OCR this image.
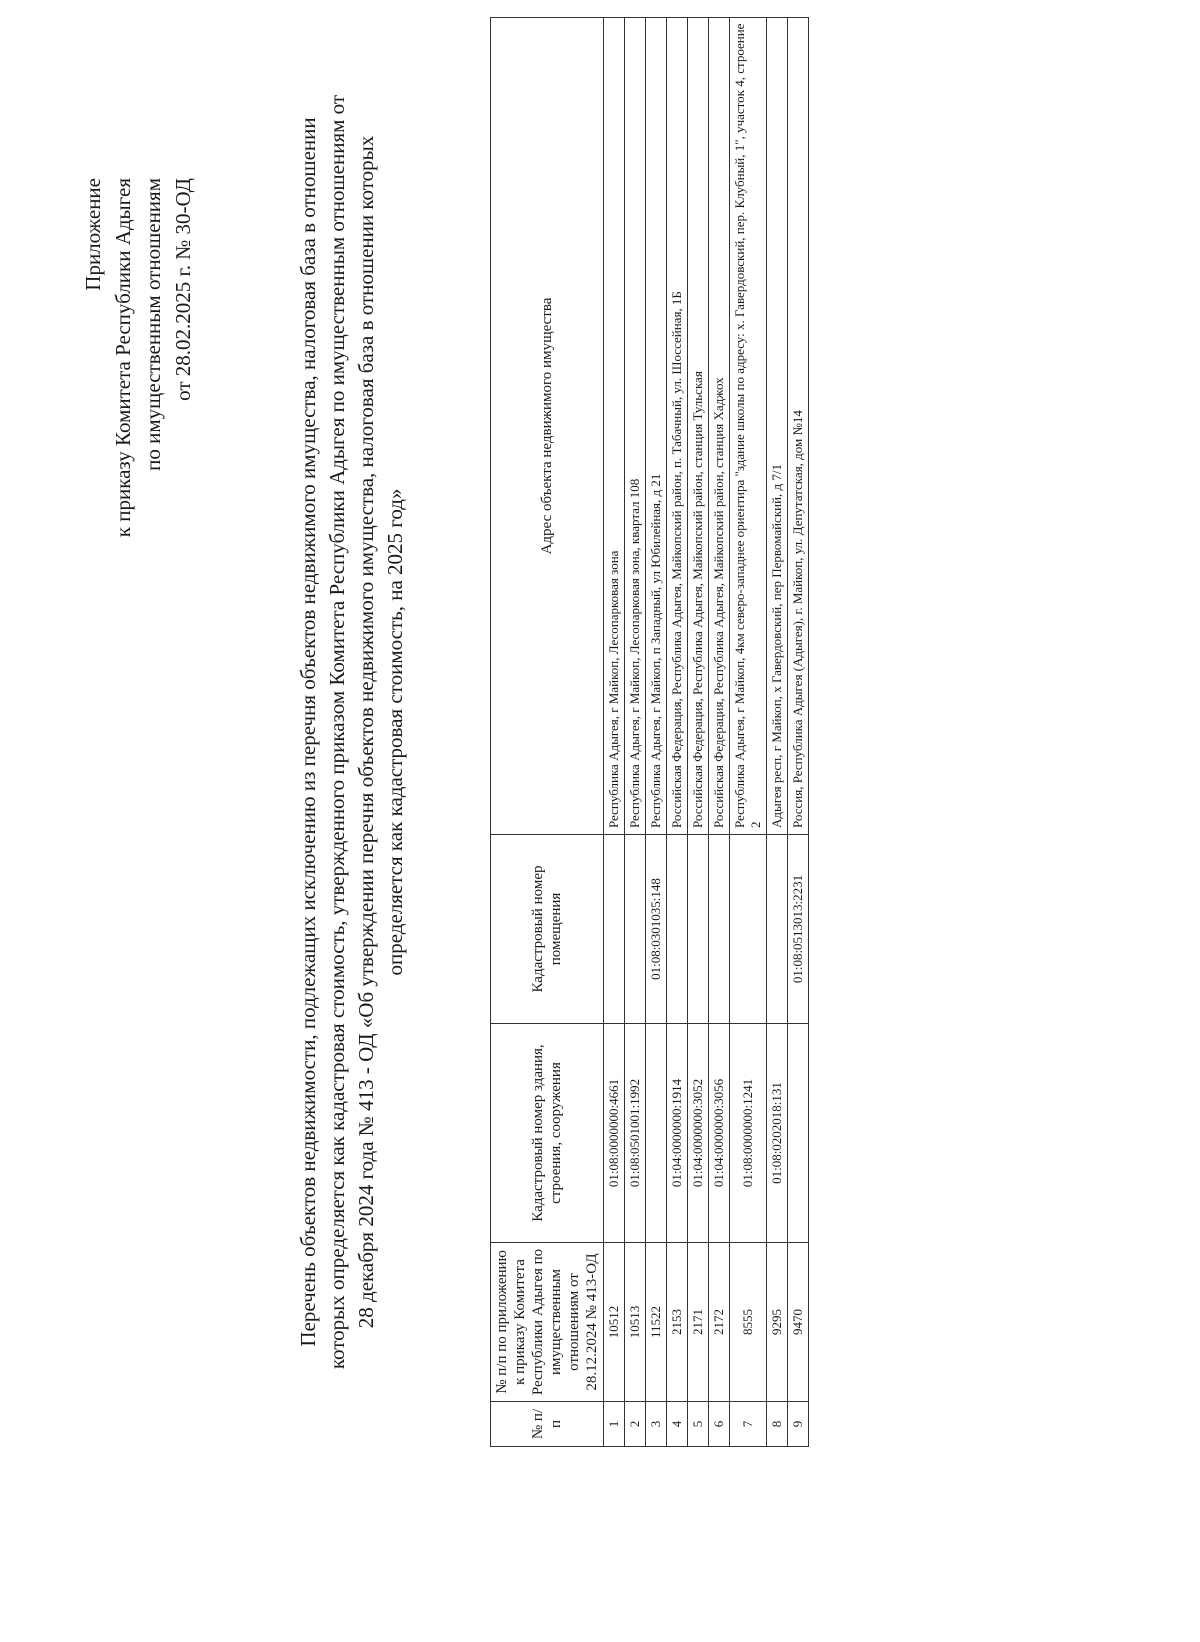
Приложение к приказу Комитета Республики Адыгея по имущественным отношениям от 28.02.2025 г. № 30-ОД	Перечень объектов недвижимости, подлежащих исключению из перечня объектов недвижимого имущества, налоговая база в отношении которых определяется как кадастровая стоимость, утвержденного приказом Комитета Республики Адыгея по имущественным отношениям от 28 декабря 2024 года № 413 - ОД «Об утверждении перечня объектов недвижимого имущества, налоговая база в отношении которых определяется как кадастровая стоимость, на 2025 год»
№ п/п	№ п/п по приложению к приказу Комитета Республики Адыгея по имущественным отношениям от 28.12.2024 № 413-ОД	Кадастровый номер здания, строения, сооружения	Кадастровый номер помещения	Адрес объекта недвижимого имущества
1	10512	01:08:0000000:4661		Республика Адыгея, г Майкоп, Лесопарковая зона
2	10513	01:08:0501001:1992		Республика Адыгея, г Майкоп, Лесопарковая зона, квартал 108
3	11522		01:08:0301035:148	Республика Адыгея, г Майкоп, п Западный, ул Юбилейная, д 21
4	2153	01:04:0000000:1914		Российская Федерация, Республика Адыгея, Майкопский район, п. Табачный, ул. Шоссейная, 1Б
5	2171	01:04:0000000:3052		Российская Федерация, Республика Адыгея, Майкопский район, станция Тульская
6	2172	01:04:0000000:3056		Российская Федерация, Республика Адыгея, Майкопский район, станция Хаджох
7	8555	01:08:0000000:1241		Республика Адыгея, г Майкоп, 4км северо-западнее ориентира "здание школы по адресу: х. Гавердовский, пер. Клубный, 1", участок 4, строение 2
8	9295	01:08:0202018:131		Адыгея респ, г Майкоп, х Гавердовский, пер Первомайский, д 7/1
9	9470		01:08:0513013:2231	Россия, Республика Адыгея (Адыгея), г. Майкоп, ул. Депутатская, дом №14
